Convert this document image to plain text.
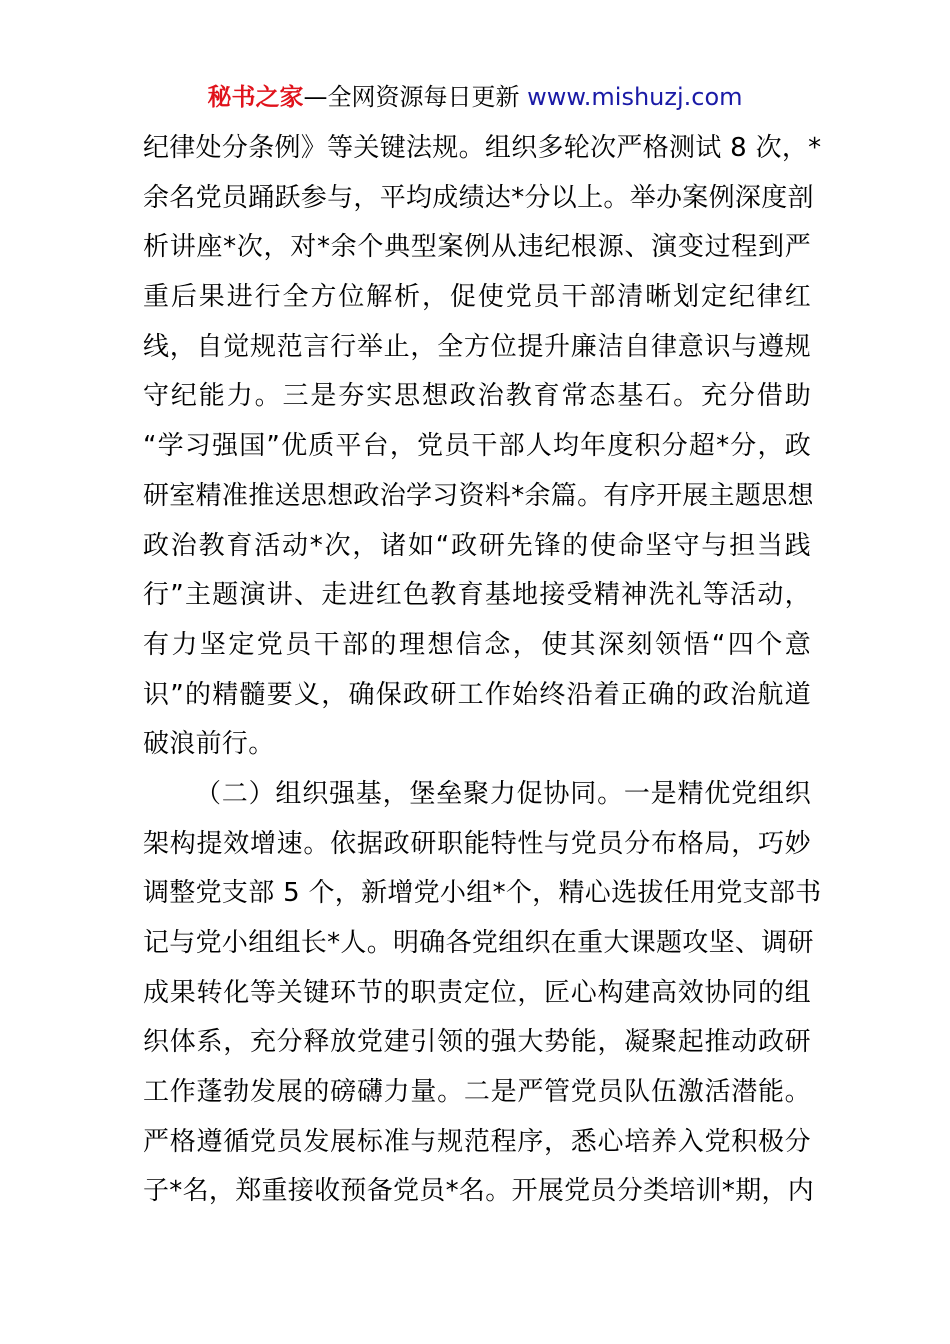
秘书之家—全网资源每日更新 www.mishuzj.com
纪律处分条例》等关键法规。组织多轮次严格测试 8 次，*
余名党员踊跃参与，平均成绩达*分以上。举办案例深度剖
析讲座*次，对*余个典型案例从违纪根源、演变过程到严
重后果进行全方位解析，促使党员干部清晰划定纪律红
线，自觉规范言行举止，全方位提升廉洁自律意识与遵规
守纪能力。三是夯实思想政治教育常态基石。充分借助
“学习强国”优质平台，党员干部人均年度积分超*分，政
研室精准推送思想政治学习资料*余篇。有序开展主题思想
政治教育活动*次，诸如“政研先锋的使命坚守与担当践
行”主题演讲、走进红色教育基地接受精神洗礼等活动，
有力坚定党员干部的理想信念，使其深刻领悟“四个意
识”的精髓要义，确保政研工作始终沿着正确的政治航道
破浪前行。
（二）组织强基，堡垒聚力促协同。一是精优党组织
架构提效增速。依据政研职能特性与党员分布格局，巧妙
调整党支部 5 个，新增党小组*个，精心选拔任用党支部书
记与党小组组长*人。明确各党组织在重大课题攻坚、调研
成果转化等关键环节的职责定位，匠心构建高效协同的组
织体系，充分释放党建引领的强大势能，凝聚起推动政研
工作蓬勃发展的磅礴力量。二是严管党员队伍激活潜能。
严格遵循党员发展标准与规范程序，悉心培养入党积极分
子*名，郑重接收预备党员*名。开展党员分类培训*期，内
